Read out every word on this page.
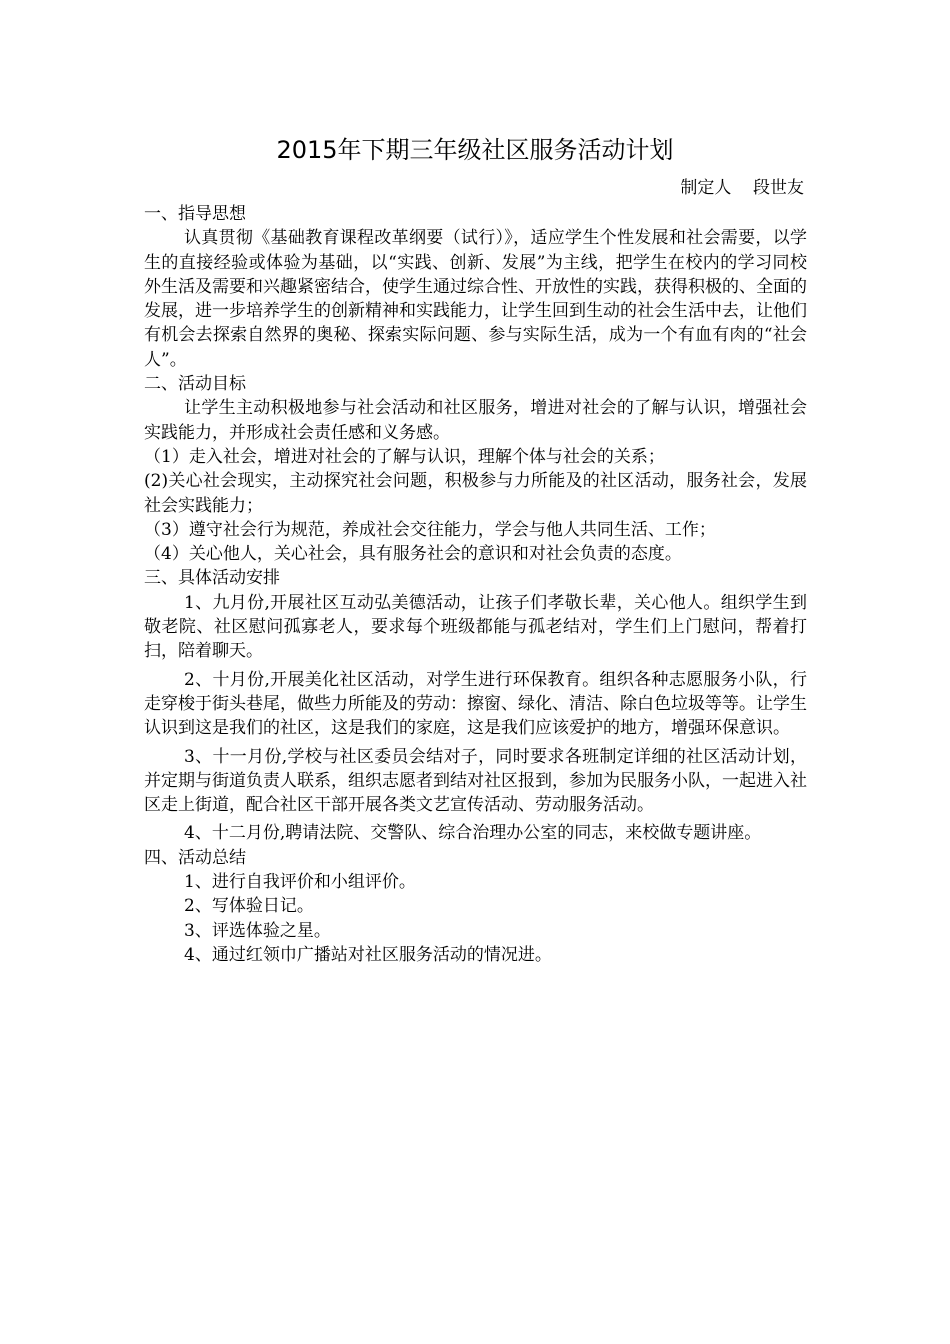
2015年下期三年级社区服务活动计划
制定人    段世友

一、指导思想

认真贯彻《基础教育课程改革纲要（试行）》，适应学生个性发展和社会需要，以学生的直接经验或体验为基础，以“实践、创新、发展”为主线，把学生在校内的学习同校外生活及需要和兴趣紧密结合，使学生通过综合性、开放性的实践，获得积极的、全面的发展，进一步培养学生的创新精神和实践能力，让学生回到生动的社会生活中去，让他们有机会去探索自然界的奥秘、探索实际问题、参与实际生活，成为一个有血有肉的“社会人”。

二、活动目标

让学生主动积极地参与社会活动和社区服务，增进对社会的了解与认识，增强社会实践能力，并形成社会责任感和义务感。

（1）走入社会，增进对社会的了解与认识，理解个体与社会的关系；

(2)关心社会现实，主动探究社会问题，积极参与力所能及的社区活动，服务社会，发展社会实践能力；

（3）遵守社会行为规范，养成社会交往能力，学会与他人共同生活、工作；

（4）关心他人，关心社会，具有服务社会的意识和对社会负责的态度。

三、具体活动安排

1、九月份,开展社区互动弘美德活动，让孩子们孝敬长辈，关心他人。组织学生到敬老院、社区慰问孤寡老人，要求每个班级都能与孤老结对，学生们上门慰问，帮着打扫，陪着聊天。

2、十月份,开展美化社区活动，对学生进行环保教育。组织各种志愿服务小队，行走穿梭于街头巷尾，做些力所能及的劳动：擦窗、绿化、清洁、除白色垃圾等等。让学生认识到这是我们的社区，这是我们的家庭，这是我们应该爱护的地方，增强环保意识。

3、十一月份,学校与社区委员会结对子，同时要求各班制定详细的社区活动计划，并定期与街道负责人联系，组织志愿者到结对社区报到，参加为民服务小队，一起进入社区走上街道，配合社区干部开展各类文艺宣传活动、劳动服务活动。

4、十二月份,聘请法院、交警队、综合治理办公室的同志，来校做专题讲座。

四、活动总结

1、进行自我评价和小组评价。

2、写体验日记。

3、评选体验之星。

4、通过红领巾广播站对社区服务活动的情况进。
